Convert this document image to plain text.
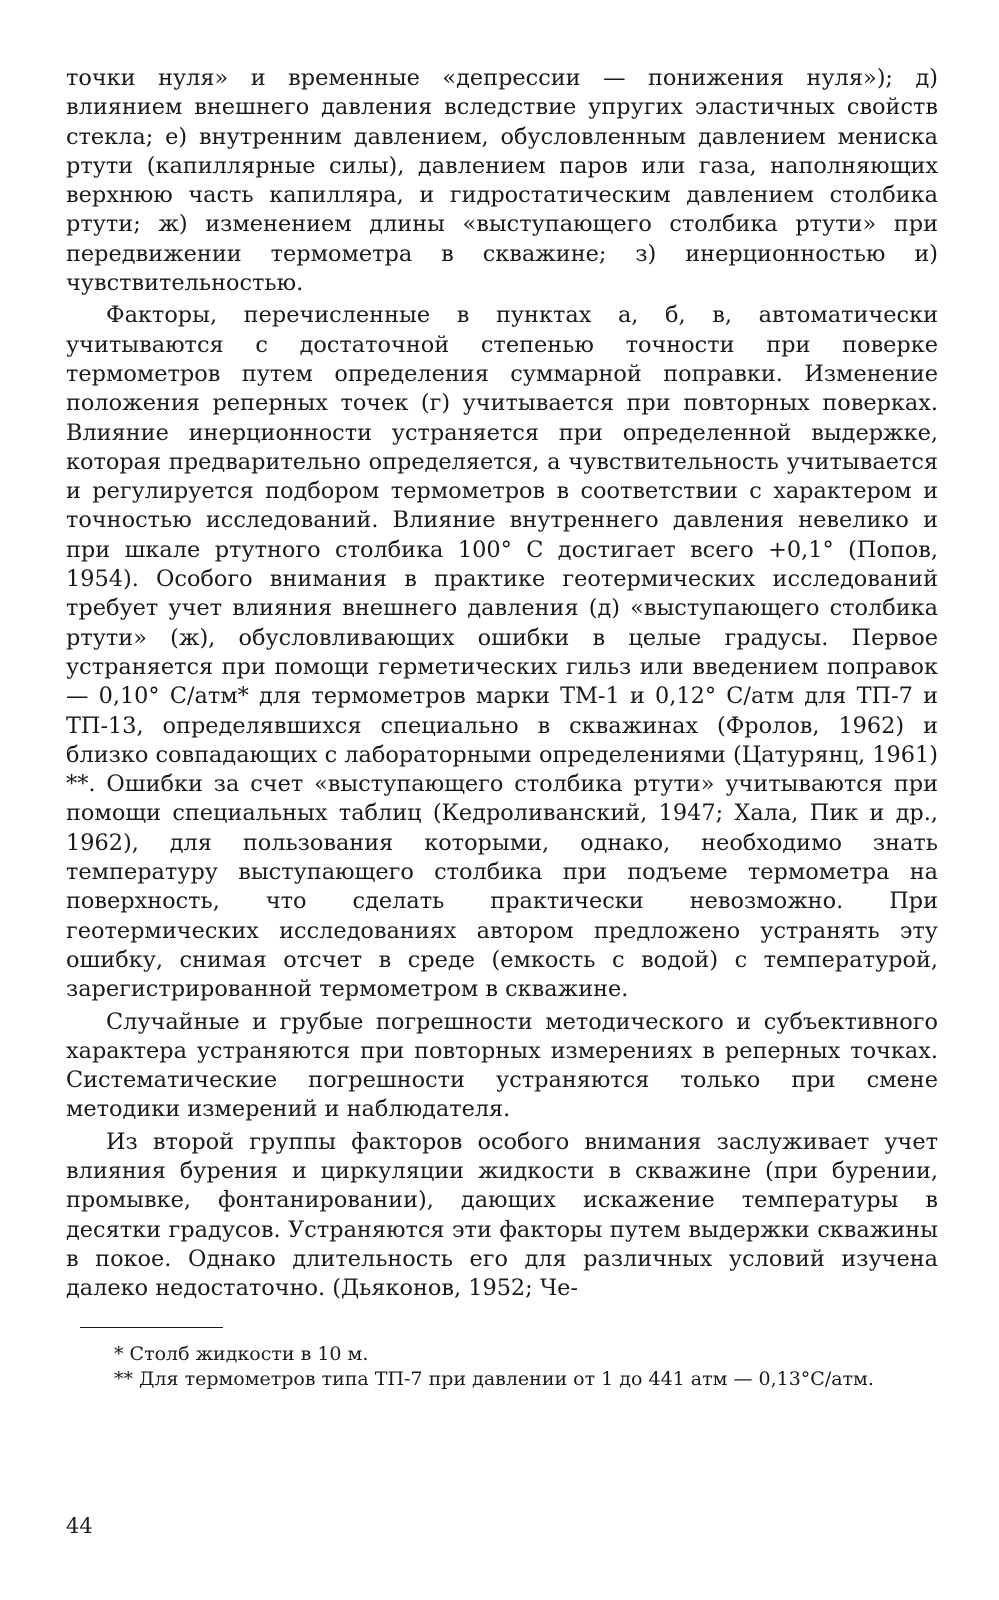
точки нуля» и временные «депрессии — понижения нуля»); д) влиянием внешнего давления вследствие упругих эластичных свойств стекла; е) внутренним давлением, обусловленным давлением мениска ртути (капиллярные силы), давлением паров или газа, наполняющих верхнюю часть капилляра, и гидростатическим давлением столбика ртути; ж) изменением длины «выступающего столбика ртути» при передвижении термометра в скважине; з) инерционностью и) чувствительностью.

Факторы, перечисленные в пунктах а, б, в, автоматически учитываются с достаточной степенью точности при поверке термометров путем определения суммарной поправки. Изменение положения реперных точек (г) учитывается при повторных поверках. Влияние инерционности устраняется при определенной выдержке, которая предварительно определяется, а чувствительность учитывается и регулируется подбором термометров в соответствии с характером и точностью исследований. Влияние внутреннего давления невелико и при шкале ртутного столбика 100° С достигает всего +0,1° (Попов, 1954). Особого внимания в практике геотермических исследований требует учет влияния внешнего давления (д) «выступающего столбика ртути» (ж), обусловливающих ошибки в целые градусы. Первое устраняется при помощи герметических гильз или введением поправок — 0,10° C/атм* для термометров марки ТМ-1 и 0,12° С/атм для ТП-7 и ТП-13, определявшихся специально в скважинах (Фролов, 1962) и близко совпадающих с лабораторными определениями (Цатурянц, 1961) **. Ошибки за счет «выступающего столбика ртути» учитываются при помощи специальных таблиц (Кедроливанский, 1947; Хала, Пик и др., 1962), для пользования которыми, однако, необходимо знать температуру выступающего столбика при подъеме термометра на поверхность, что сделать практически невозможно. При геотермических исследованиях автором предложено устранять эту ошибку, снимая отсчет в среде (емкость с водой) с температурой, зарегистрированной термометром в скважине.

Случайные и грубые погрешности методического и субъективного характера устраняются при повторных измерениях в реперных точках. Систематические погрешности устраняются только при смене методики измерений и наблюдателя.

Из второй группы факторов особого внимания заслуживает учет влияния бурения и циркуляции жидкости в скважине (при бурении, промывке, фонтанировании), дающих искажение температуры в десятки градусов. Устраняются эти факторы путем выдержки скважины в покое. Однако длительность его для различных условий изучена далеко недостаточно. (Дьяконов, 1952; Че-

* Столб жидкости в 10 м.

** Для термометров типа ТП-7 при давлении от 1 до 441 атм — 0,13°С/атм.

44
